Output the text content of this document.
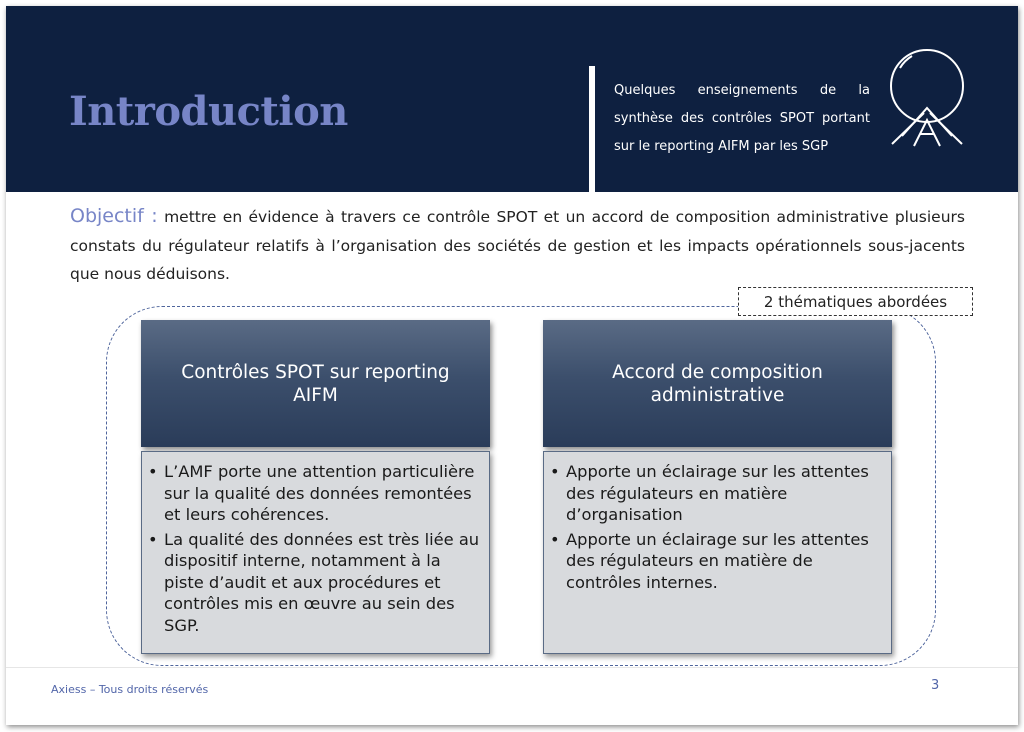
Introduction	Quelques enseignements de la synthèse des contrôles SPOT portant sur le reporting AIFM par les SGP
Objectif : mettre en évidence à travers ce contrôle SPOT et un accord de composition administrative plusieurs constats du régulateur relatifs à l’organisation des sociétés de gestion et les impacts opérationnels sous-jacents que nous déduisons.
2 thématiques abordées
Contrôles SPOT sur reporting AIFM
• L’AMF porte une attention particulière sur la qualité des données remontées et leurs cohérences.
• La qualité des données est très liée au dispositif interne, notamment à la piste d’audit et aux procédures et contrôles mis en œuvre au sein des SGP.
Accord de composition administrative
• Apporte un éclairage sur les attentes des régulateurs en matière d’organisation
• Apporte un éclairage sur les attentes des régulateurs en matière de contrôles internes.
Axiess – Tous droits réservés	3
